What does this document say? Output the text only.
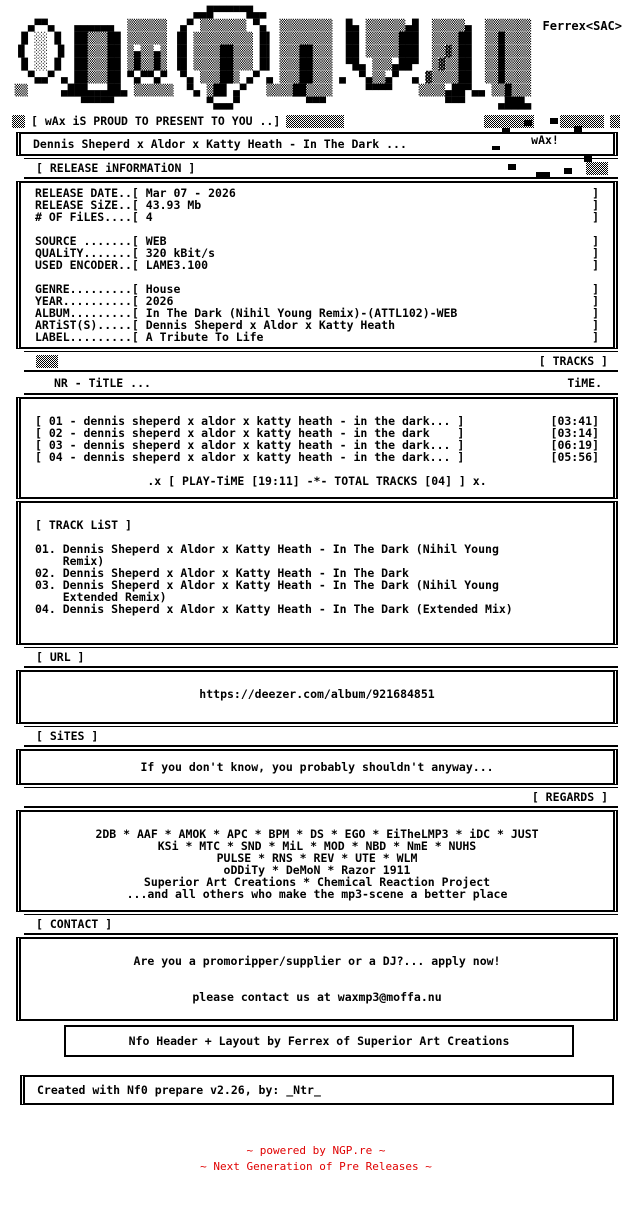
Ferrex<SAC>
▄▄█▀▀▀▀▀█▄▄
▄▀▀▄   ▄▄▄▄▄▄  ▒▒▒▒▒▒  ▄▀ ▒▒▒▒▒▒▒ ▀▄  ▒▒▒▒▒▒▒▒  █▄ ▒▒▒▒▒▒▄█  ▒▒▒▒▒▄  ▒▒▒▒▒▒▒
█ ░░ █  ██▒▒▒██ ▒▒▒▒▒▒ ▐█ ▒▒▒▒▒▒▒▒▒ █▌ ▒▒▒▒▒▒▒▒  ██ ▒▒▒▒▒███  ▒▒▒▒██  ▒▒█▒▒▒▒
▐▌ ░░ ▐▌ ██▒▒▒██ ▒▄▒▒▄▒ ▐█ ▒▒▒▒██▒▒▒ █▌ ▒▒▒██▒▒▒  ██ ▒▒▒▒▒███  ▒▒▓▒██  ▒▒█▒▒▒▒
█ ░░ █  ██▒▒▒██ ▒█▒▒█▒ ▐█ ▒▒▒▒██▒▒▒ █▌ ▒▒▒██▒▒▒  ▀█▄ ▒▒▒▄██▀  ▒▓▒▒██  ▒▒█▒▒▒▒
▀▄▄▀ ▄ ██▒▒▒██ ▀▄▀▀▄▀  ▀▄ ▒▒▒██▒ ▄▀ ▄ ▒▒▒██▒▒▒ ▄  ▀▄▒▒▄▀  ▄ ▓▒▒▒▒██  ▒▒█▒▒▒▒
▒▒     ▄███▄▄▄██▄ ▒▒▒▒▒▒  ▀▄ ▒██ ▄▀   ▒▒▒▒██▒▒▒▒     ▀▀▀▀    ▒▒▒▒▄██▀▄▄ ▒▒█▒▒▒
▀▀▀▀▀              ▀▄▄▄▀          ▀▀▀                  ▀▀▀     ▄███▄
wAx!
[ wAx iS PROUD TO PRESENT TO YOU ..]
Dennis Sheperd x Aldor x Katty Heath - In The Dark ...
[ RELEASE iNFORMATiON ]
RELEASE DATE..[ Mar 07 - 2026	]
RELEASE SiZE..[ 43.93 Mb	]
# OF FiLES....[ 4	]
SOURCE .......[ WEB	]
QUALiTY.......[ 320 kBit/s	]
USED ENCODER..[ LAME3.100	]
GENRE.........[ House	]
YEAR..........[ 2026	]
ALBUM.........[ In The Dark (Nihil Young Remix)-(ATTL102)-WEB	]
ARTiST(S).....[ Dennis Sheperd x Aldor x Katty Heath	]
LABEL.........[ A Tribute To Life	]
[ TRACKS ]
NR - TiTLE ...	TiME.
[ 01 - dennis sheperd x aldor x katty heath - in the dark... ]	[03:41]
[ 02 - dennis sheperd x aldor x katty heath - in the dark    ]	[03:14]
[ 03 - dennis sheperd x aldor x katty heath - in the dark... ]	[06:19]
[ 04 - dennis sheperd x aldor x katty heath - in the dark... ]	[05:56]
.x [ PLAY-TiME [19:11] -*- TOTAL TRACKS [04] ] x.
[ TRACK LiST ]
01. Dennis Sheperd x Aldor x Katty Heath - In The Dark (Nihil Young
Remix)
02. Dennis Sheperd x Aldor x Katty Heath - In The Dark
03. Dennis Sheperd x Aldor x Katty Heath - In The Dark (Nihil Young
Extended Remix)
04. Dennis Sheperd x Aldor x Katty Heath - In The Dark (Extended Mix)
[ URL ]
https://deezer.com/album/921684851
[ SiTES ]
If you don't know, you probably shouldn't anyway...
[ REGARDS ]
2DB * AAF * AMOK * APC * BPM * DS * EGO * EiTheLMP3 * iDC * JUST
KSi * MTC * SND * MiL * MOD * NBD * NmE * NUHS
PULSE * RNS * REV * UTE * WLM
oDDiTy * DeMoN * Razor 1911
Superior Art Creations * Chemical Reaction Project
...and all others who make the mp3-scene a better place
[ CONTACT ]
Are you a promoripper/supplier or a DJ?... apply now!
please contact us at waxmp3@moffa.nu
Nfo Header + Layout by Ferrex of Superior Art Creations
Created with Nf0 prepare v2.26, by: _Ntr_
~ powered by NGP.re ~
~ Next Generation of Pre Releases ~
